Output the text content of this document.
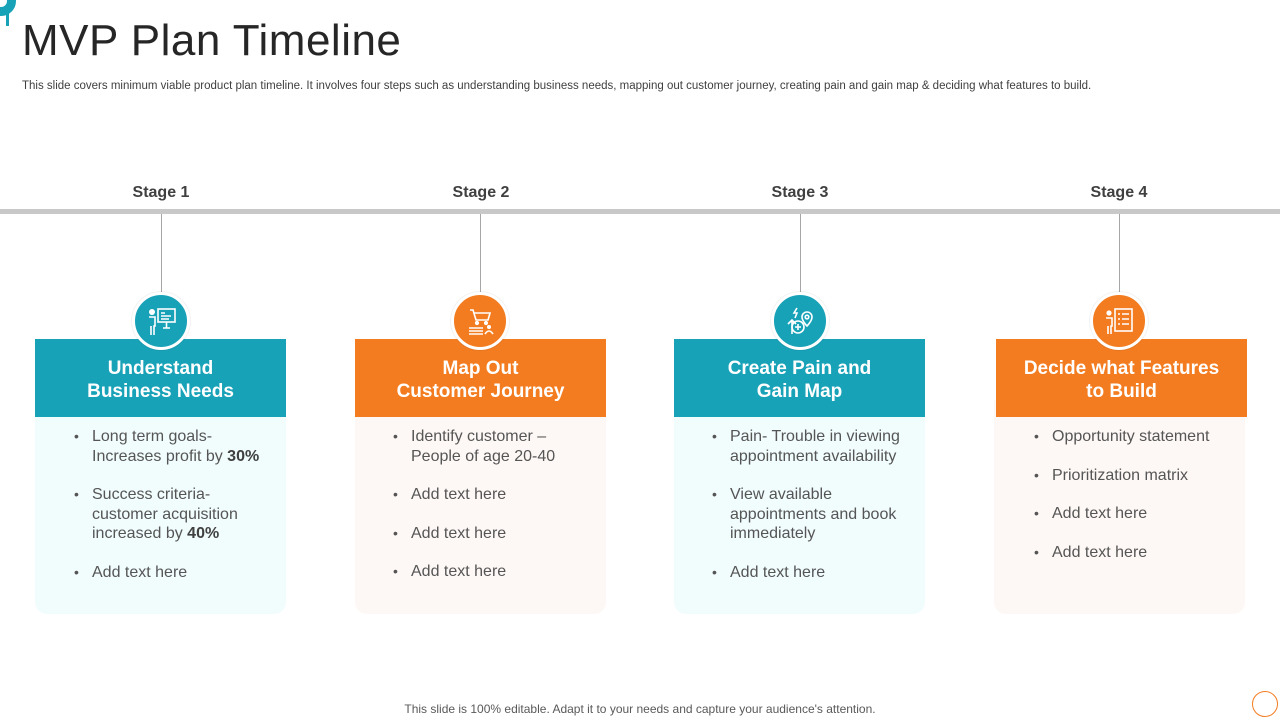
MVP Plan Timeline
This slide covers minimum viable product plan timeline. It involves four steps such as understanding business needs, mapping out customer journey, creating pain and gain map & deciding what features to build.
Stage 1
Understand
Business Needs
• Long term goals- Increases profit by 30%
• Success criteria- customer acquisition increased by 40%
• Add text here
Stage 2
Map Out
Customer Journey
• Identify customer – People of age 20-40
• Add text here
• Add text here
• Add text here
Stage 3
Create Pain and
Gain Map
• Pain- Trouble in viewing appointment availability
• View available appointments and book immediately
• Add text here
Stage 4
Decide what Features
to Build
• Opportunity statement
• Prioritization matrix
• Add text here
• Add text here
This slide is 100% editable. Adapt it to your needs and capture your audience's attention.
